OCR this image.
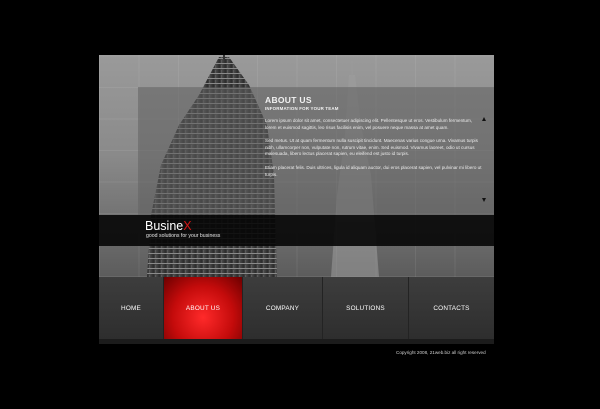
ABOUT US
INFORMATION FOR YOUR TEAM

Lorem ipsum dolor sit amet, consectetuer adipiscing elit. Pellentesque ut eros. Vestibulum fermentum, lorem et euismod sagittis, leo risus facilisis enim, vel posuere neque massa at amet quam.

Sed metus. Ut at quam fermentum nulla suscipit tincidunt. Maecenas varius congue urna. Vivamus turpis nibh, ullamcorper non, vulputate non, rutrum vitae, enim. Sed euismod. Vivamus laoreet, odio ut cursus malesuada, libero lectus placerat sapien, eu eleifend est justo id turpis.

Etiam placerat felis. Duis ultrices, ligula id aliquam auctor, dui eros placerat sapien, vel pulvinar mi libero ut turpis.

BusineX
good solutions for your business
HOME	ABOUT US	COMPANY	SOLUTIONS	CONTACTS
Copyright 2008, 21web.biz all right reserved
